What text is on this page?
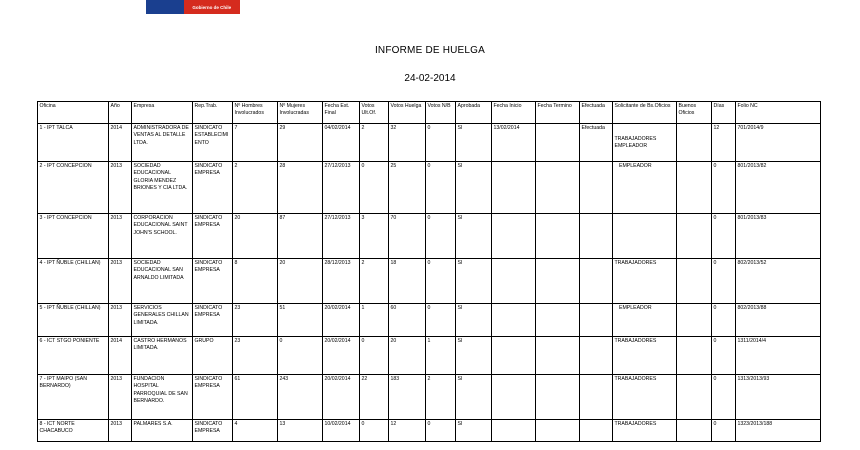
Gobierno de Chile
INFORME DE HUELGA
24-02-2014
Oficina	Año	Empresa	Rep.Trab.	Nº Hombres Involucrados	Nº Mujeres Involucradas	Fecha Est. Final	Votos Ult.Of.	Votos Huelga	Votos N/B	Aprobada	Fecha Inicio	Fecha Termino	Efectuada	Solicitante de Bs.Oficios	Buenos Oficios	Días	Folio NC
1 - IPT TALCA	2014	ADMINISTRADORA DE VENTAS AL DETALLE LTDA.	SINDICATO ESTABLECIMIENTO	7	29	04/02/2014	2	32	0	SI	13/02/2014		Efectuada	TRABAJADORES EMPLEADOR		12	701/2014/9
2 - IPT CONCEPCION	2013	SOCIEDAD EDUCACIONAL GLORIA MENDEZ BRIONES Y CIA LTDA.	SINDICATO EMPRESA	2	28	27/12/2013	0	25	0	SI				EMPLEADOR		0	801/2013/82
3 - IPT CONCEPCION	2013	CORPORACION EDUCACIONAL SAINT JOHN'S SCHOOL.	SINDICATO EMPRESA	20	87	27/12/2013	3	70	0	SI						0	801/2013/83
4 - IPT ÑUBLE (CHILLAN)	2013	SOCIEDAD EDUCACIONAL SAN ARNALDO LIMITADA	SINDICATO EMPRESA	8	20	28/12/2013	2	18	0	SI				TRABAJADORES		0	802/2013/52
5 - IPT ÑUBLE (CHILLAN)	2013	SERVICIOS GENERALES CHILLAN LIMITADA.	SINDICATO EMPRESA	23	51	20/02/2014	1	60	0	SI				EMPLEADOR		0	802/2013/88
6 - ICT STGO PONIENTE	2014	CASTRO HERMANOS LIMITADA.	GRUPO	23	0	20/02/2014	0	20	1	SI				TRABAJADORES		0	1311/2014/4
7 - IPT MAIPO (SAN BERNARDO)	2013	FUNDACION HOSPITAL PARROQUIAL DE SAN BERNARDO.	SINDICATO EMPRESA	61	243	20/02/2014	22	183	2	SI				TRABAJADORES		0	1313/2013/93
8 - ICT NORTE CHACABUCO	2013	PALMARES S.A.	SINDICATO EMPRESA	4	13	10/02/2014	0	12	0	SI				TRABAJADORES		0	1323/2013/188
